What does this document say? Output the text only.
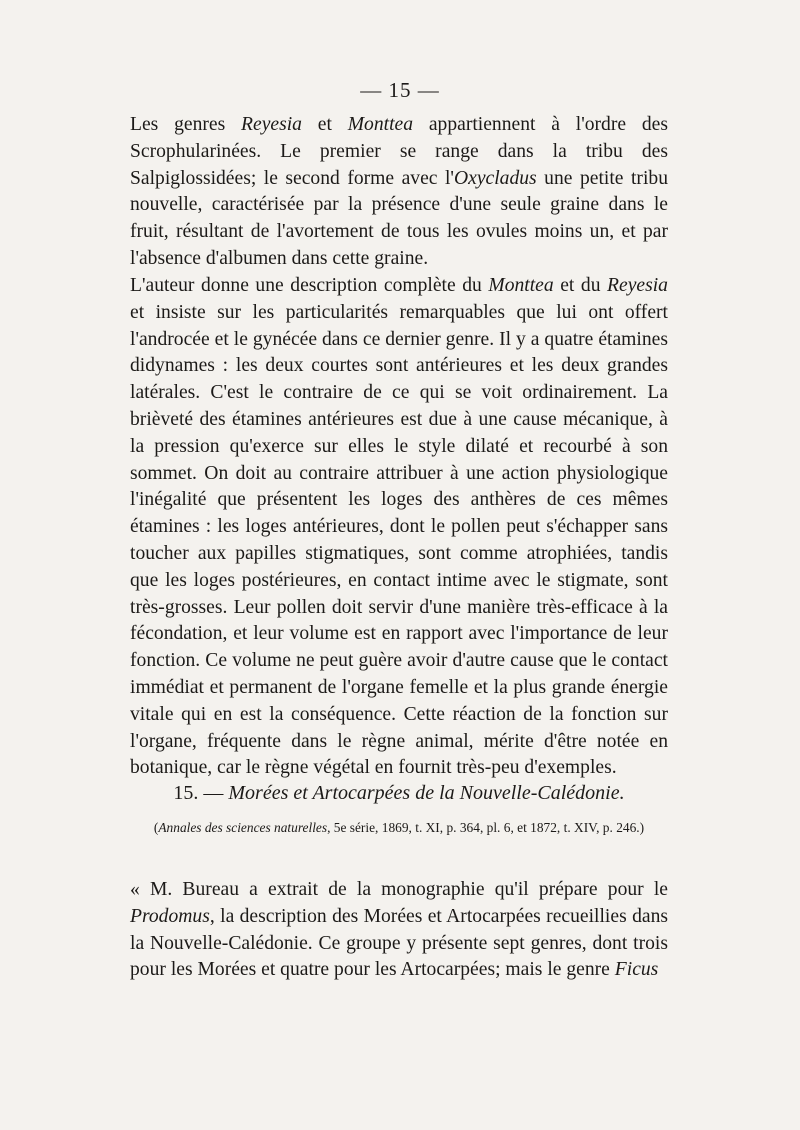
— 15 —

Les genres Reyesia et Monttea appartiennent à l'ordre des Scrophularinées. Le premier se range dans la tribu des Salpiglossidées; le second forme avec l'Oxycladus une petite tribu nouvelle, caractérisée par la présence d'une seule graine dans le fruit, résultant de l'avortement de tous les ovules moins un, et par l'absence d'albumen dans cette graine.

L'auteur donne une description complète du Monttea et du Reyesia et insiste sur les particularités remarquables que lui ont offert l'androcée et le gynécée dans ce dernier genre. Il y a quatre étamines didynames : les deux courtes sont antérieures et les deux grandes latérales. C'est le contraire de ce qui se voit ordinairement. La brièveté des étamines antérieures est due à une cause mécanique, à la pression qu'exerce sur elles le style dilaté et recourbé à son sommet. On doit au contraire attribuer à une action physiologique l'inégalité que présentent les loges des anthères de ces mêmes étamines : les loges antérieures, dont le pollen peut s'échapper sans toucher aux papilles stigmatiques, sont comme atrophiées, tandis que les loges postérieures, en contact intime avec le stigmate, sont très-grosses. Leur pollen doit servir d'une manière très-efficace à la fécondation, et leur volume est en rapport avec l'importance de leur fonction. Ce volume ne peut guère avoir d'autre cause que le contact immédiat et permanent de l'organe femelle et la plus grande énergie vitale qui en est la conséquence. Cette réaction de la fonction sur l'organe, fréquente dans le règne animal, mérite d'être notée en botanique, car le règne végétal en fournit très-peu d'exemples.

15. — Morées et Artocarpées de la Nouvelle-Calédonie.
(Annales des sciences naturelles, 5e série, 1869, t. XI, p. 364, pl. 6, et 1872, t. XIV, p. 246.)

« M. Bureau a extrait de la monographie qu'il prépare pour le Prodomus, la description des Morées et Artocarpées recueillies dans la Nouvelle-Calédonie. Ce groupe y présente sept genres, dont trois pour les Morées et quatre pour les Artocarpées; mais le genre Ficus
